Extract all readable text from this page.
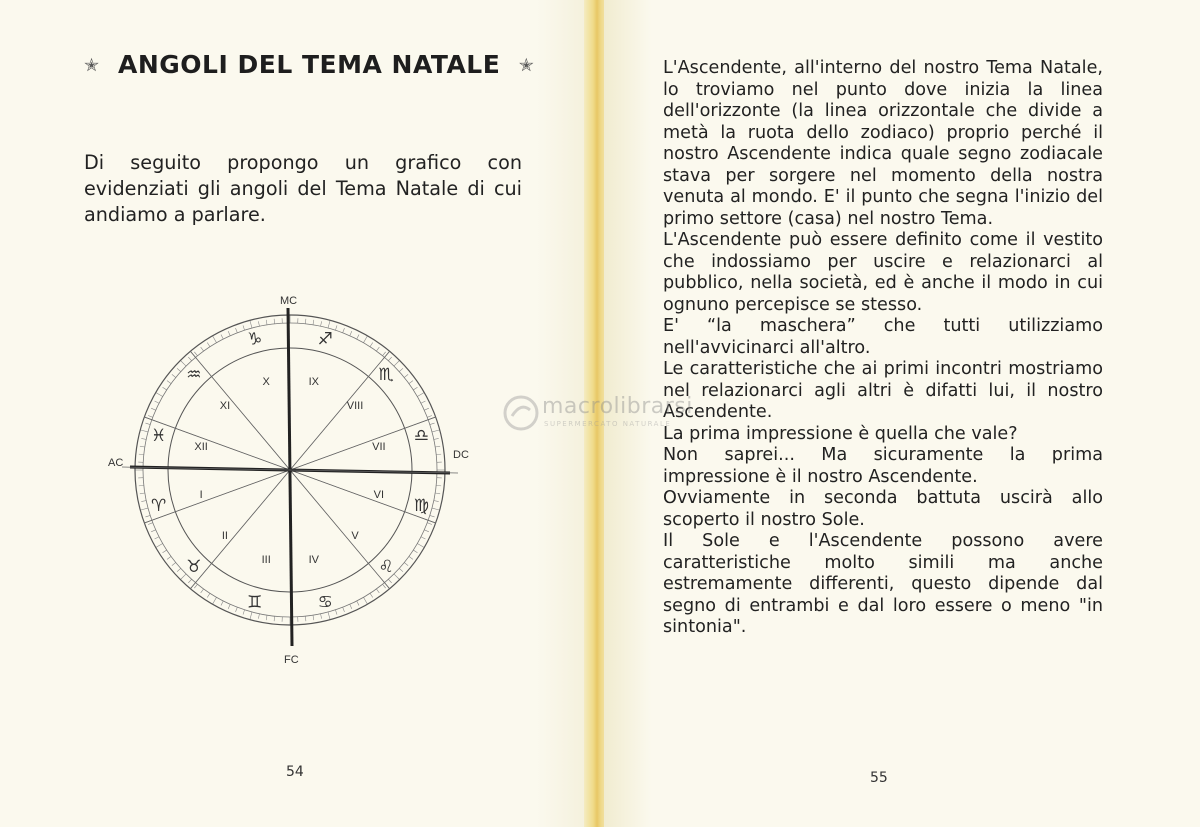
✭ ANGOLI DEL TEMA NATALE ✭
Di seguito propongo un grafico con evidenziati gli angoli del Tema Natale di cui andiamo a parlare.
I
II
III	IV
V
VI
VII
VIII
IX
X
XI
XII
♑	♐
♏
♎
♍
♌
♋
♊
♉
♈
♓
♒
MC
AC
DC
FC
54	55

L'Ascendente, all'interno del nostro Tema Natale, lo troviamo nel punto dove inizia la linea dell'orizzonte (la linea orizzontale che divide a metà la ruota dello zodiaco) proprio perché il nostro Ascendente indica quale segno zodiacale stava per sorgere nel momento della nostra venuta al mondo. E' il punto che segna l'inizio del primo settore (casa) nel nostro Tema.

L'Ascendente può essere definito come il vestito che indossiamo per uscire e relazionarci al pubblico, nella società, ed è anche il modo in cui ognuno percepisce se stesso.

E' “la maschera” che tutti utilizziamo nell'avvicinarci all'altro.

Le caratteristiche che ai primi incontri mostriamo nel relazionarci agli altri è difatti lui, il nostro Ascendente.

La prima impressione è quella che vale?

Non saprei... Ma sicuramente la prima impressione è il nostro Ascendente.

Ovviamente in seconda battuta uscirà allo scoperto il nostro Sole.

Il Sole e l'Ascendente possono avere caratteristiche molto simili ma anche estremamente differenti, questo dipende dal segno di entrambi e dal loro essere o meno "in sintonia".

macrolibrarsi
SUPERMERCATO NATURALE
